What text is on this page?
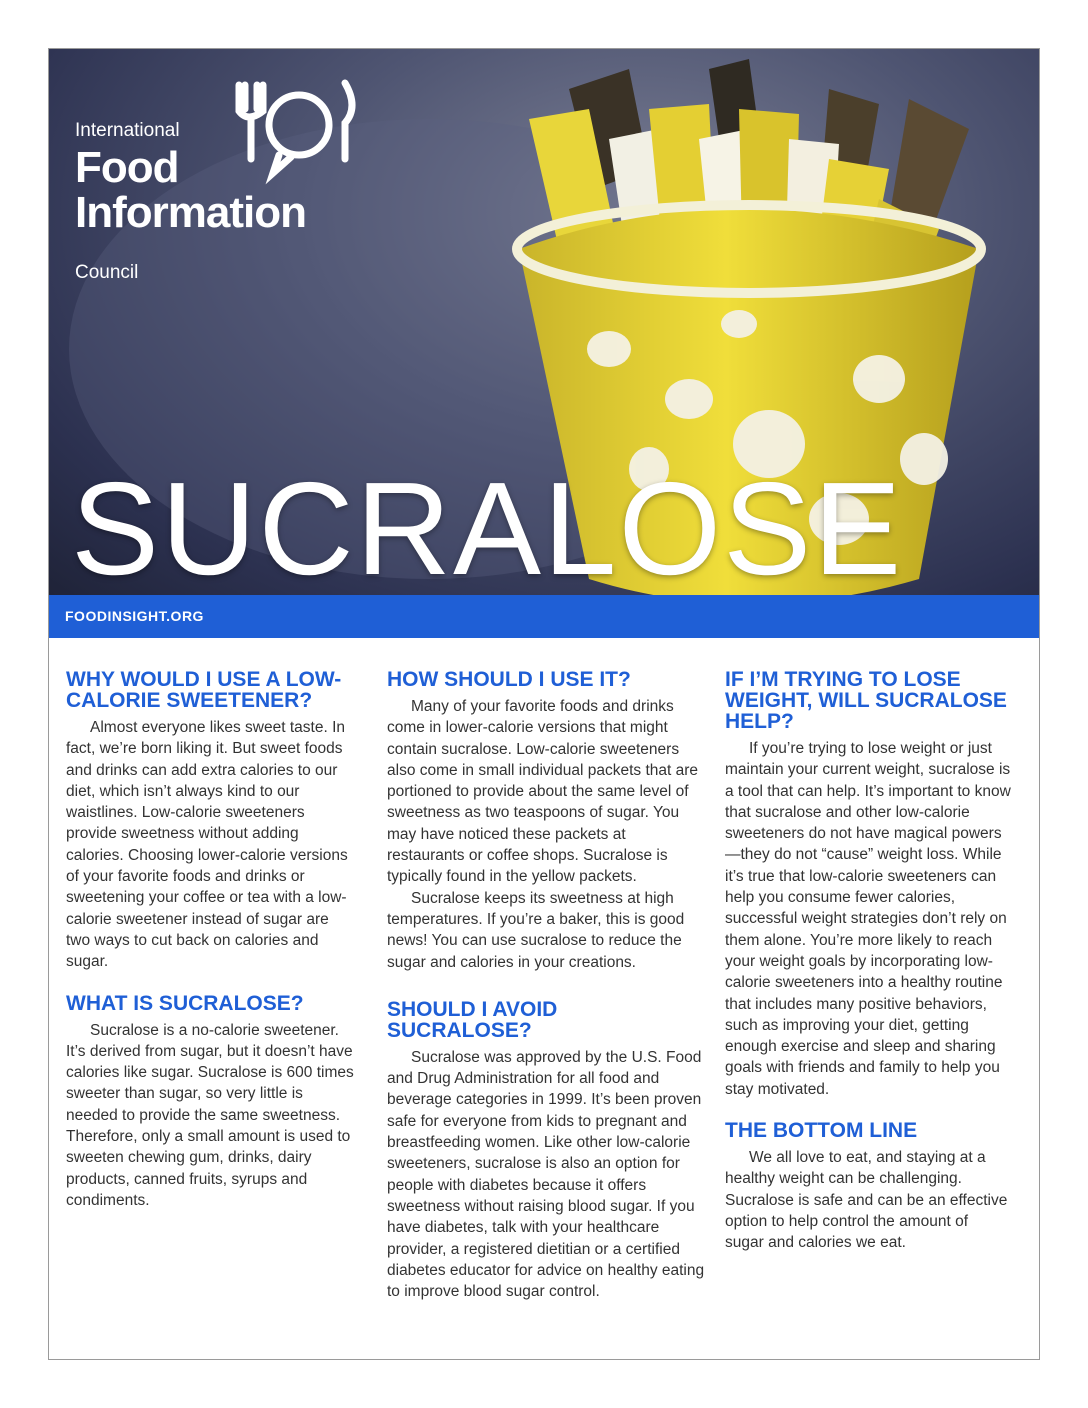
International
Food
Information
Council
SUCRALOSE
FOODINSIGHT.ORG
WHY WOULD I USE A LOW-CALORIE SWEETENER?

Almost everyone likes sweet taste. In fact, we’re born liking it. But sweet foods and drinks can add extra calories to our diet, which isn’t always kind to our waistlines. Low-calorie sweeteners provide sweetness without adding calories. Choosing lower-calorie versions of your favorite foods and drinks or sweetening your coffee or tea with a low-calorie sweetener instead of sugar are two ways to cut back on calories and sugar.

WHAT IS SUCRALOSE?

Sucralose is a no-calorie sweetener. It’s derived from sugar, but it doesn’t have calories like sugar. Sucralose is 600 times sweeter than sugar, so very little is needed to provide the same sweetness. Therefore, only a small amount is used to sweeten chewing gum, drinks, dairy products, canned fruits, syrups and condiments.

HOW SHOULD I USE IT?

Many of your favorite foods and drinks come in lower-calorie versions that might contain sucralose. Low-calorie sweeteners also come in small individual packets that are portioned to provide about the same level of sweetness as two teaspoons of sugar. You may have noticed these packets at restaurants or coffee shops. Sucralose is typically found in the yellow packets.

Sucralose keeps its sweetness at high temperatures. If you’re a baker, this is good news! You can use sucralose to reduce the sugar and calories in your creations.

SHOULD I AVOID SUCRALOSE?

Sucralose was approved by the U.S. Food and Drug Administration for all food and beverage categories in 1999. It’s been proven safe for everyone from kids to pregnant and breastfeeding women. Like other low-calorie sweeteners, sucralose is also an option for people with diabetes because it offers sweetness without raising blood sugar. If you have diabetes, talk with your healthcare provider, a registered dietitian or a certified diabetes educator for advice on healthy eating to improve blood sugar control.

IF I’M TRYING TO LOSE WEIGHT, WILL SUCRALOSE HELP?

If you’re trying to lose weight or just maintain your current weight, sucralose is a tool that can help. It’s important to know that sucralose and other low-calorie sweeteners do not have magical powers—they do not “cause” weight loss. While it’s true that low-calorie sweeteners can help you consume fewer calories, successful weight strategies don’t rely on them alone. You’re more likely to reach your weight goals by incorporating low-calorie sweeteners into a healthy routine that includes many positive behaviors, such as improving your diet, getting enough exercise and sleep and sharing goals with friends and family to help you stay motivated.

THE BOTTOM LINE

We all love to eat, and staying at a healthy weight can be challenging. Sucralose is safe and can be an effective option to help control the amount of sugar and calories we eat.
